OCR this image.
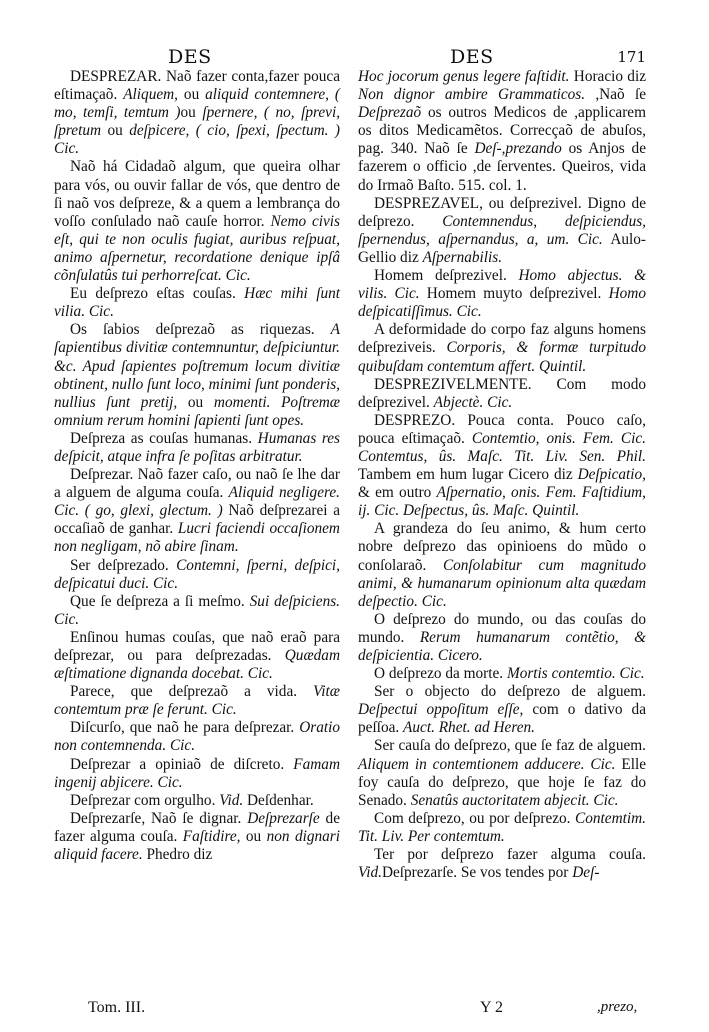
DES

DESPREZAR. Naõ fazer conta,fazer pouca eſtimaçaõ. Aliquem, ou aliquid contemnere, ( mo, temſi, temtum )ou ſpernere, ( no, ſprevi, ſpretum ou deſpicere, ( cio, ſpexi, ſpectum. ) Cic.

Naõ há Cidadaõ algum, que queira olhar para vós, ou ouvir fallar de vós, que dentro de ſi naõ vos deſpreze, & a quem a lembrança do voſſo conſulado naõ cauſe horror. Nemo civis eſt, qui te non oculis fugiat, auribus reſpuat, animo aſpernetur, recordatione denique ipſâ cõnſulatûs tui perhorreſcat. Cic.

Eu deſprezo eſtas couſas. Hæc mihi ſunt vilia. Cic.

Os ſabios deſprezaõ as riquezas. A ſapientibus divitiæ contemnuntur, deſpiciuntur. &c. Apud ſapientes poſtremum locum divitiæ obtinent, nullo ſunt loco, minimi ſunt ponderis, nullius ſunt pretij, ou momenti. Poſtremæ omnium rerum homini ſapienti ſunt opes.

Deſpreza as couſas humanas. Humanas res deſpicit, atque infra ſe poſitas arbitratur.

Deſprezar. Naõ fazer caſo, ou naõ ſe lhe dar a alguem de alguma couſa. Aliquid negligere. Cic. ( go, glexi, glectum. ) Naõ deſprezarei a occaſiaõ de ganhar. Lucri faciendi occaſionem non negligam, nõ abire ſinam.

Ser deſprezado. Contemni, ſperni, deſpici, deſpicatui duci. Cic.

Que ſe deſpreza a ſi meſmo. Sui deſpiciens. Cic.

Enſinou humas couſas, que naõ eraõ para deſprezar, ou para deſprezadas. Quædam æſtimatione dignanda docebat. Cic.

Parece, que deſprezaõ a vida. Vitæ contemtum præ ſe ferunt. Cic.

Diſcurſo, que naõ he para deſprezar. Oratio non contemnenda. Cic.

Deſprezar a opiniaõ de diſcreto. Famam ingenij abjicere. Cic.

Deſprezar com orgulho. Vid. Deſdenhar.

Deſprezarſe, Naõ ſe dignar. Deſprezarſe de fazer alguma couſa. Faſtidire, ou non dignari aliquid facere. Phedro diz

DES	171

Hoc jocorum genus legere faſtidit. Horacio diz Non dignor ambire Grammaticos. ,Naõ ſe Deſprezaõ os outros Medicos de ,applicarem os ditos Medicamẽtos. Correcçaõ de abuſos, pag. 340. Naõ ſe Deſ-,prezando os Anjos de fazerem o officio ,de ſerventes. Queiros, vida do Irmaõ Baſto. 515. col. 1.

DESPREZAVEL, ou deſprezivel. Digno de deſprezo. Contemnendus, deſpiciendus, ſpernendus, aſpernandus, a, um. Cic. Aulo-Gellio diz Aſpernabilis.

Homem deſprezivel. Homo abjectus. & vilis. Cic. Homem muyto deſprezivel. Homo deſpicatiſſimus. Cic.

A deformidade do corpo faz alguns homens deſpreziveis. Corporis, & formæ turpitudo quibuſdam contemtum affert. Quintil.

DESPREZIVELMENTE. Com modo deſprezivel. Abjectè. Cic.

DESPREZO. Pouca conta. Pouco caſo, pouca eſtimaçaõ. Contemtio, onis. Fem. Cic. Contemtus, ûs. Maſc. Tit. Liv. Sen. Phil. Tambem em hum lugar Cicero diz Deſpicatio, & em outro Aſpernatio, onis. Fem. Faſtidium, ij. Cic. Deſpectus, ûs. Maſc. Quintil.

A grandeza do ſeu animo, & hum certo nobre deſprezo das opinioens do mũdo o conſolaraõ. Conſolabitur cum magnitudo animi, & humanarum opinionum alta quædam deſpectio. Cic.

O deſprezo do mundo, ou das couſas do mundo. Rerum humanarum contẽtio, & deſpicientia. Cicero.

O deſprezo da morte. Mortis contemtio. Cic.

Ser o objecto do deſprezo de alguem. Deſpectui oppoſitum eſſe, com o dativo da peſſoa. Auct. Rhet. ad Heren.

Ser cauſa do deſprezo, que ſe faz de alguem. Aliquem in contemtionem adducere. Cic. Elle foy cauſa do deſprezo, que hoje ſe faz do Senado. Senatûs auctoritatem abjecit. Cic.

Com deſprezo, ou por deſprezo. Contemtim. Tit. Liv. Per contemtum.

Ter por deſprezo fazer alguma couſa. Vid.Deſprezarſe. Se vos tendes por Deſ-

Tom. III.	Y 2	,prezo,
